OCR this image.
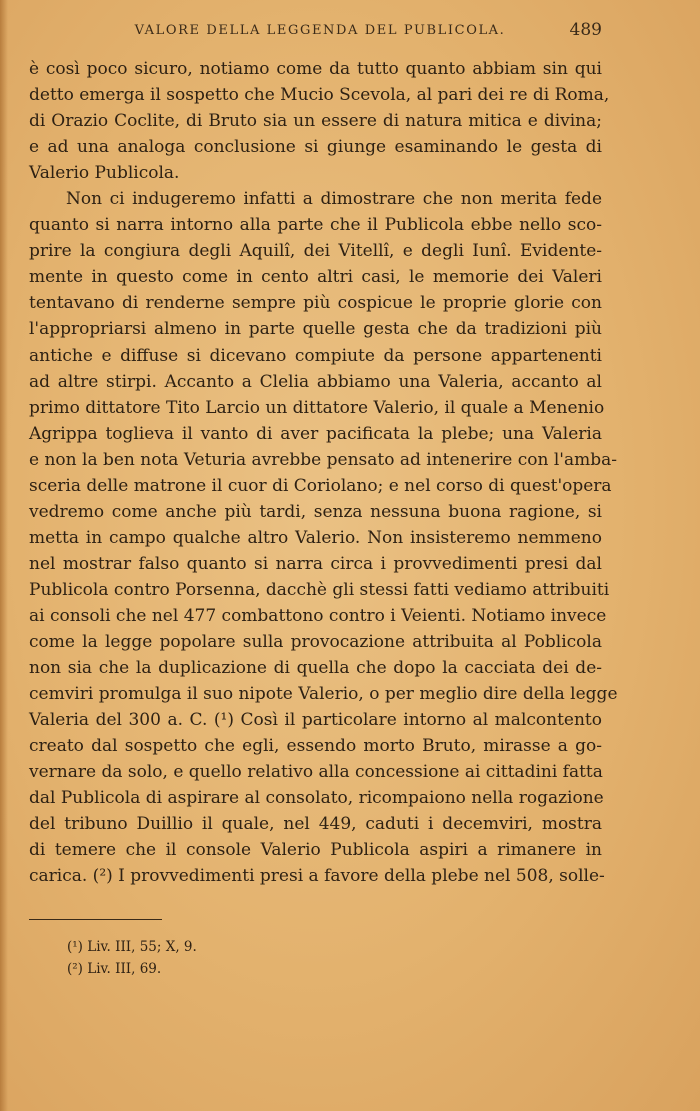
VALORE DELLA LEGGENDA DEL PUBLICOLA.	489
è così poco sicuro, notiamo come da tutto quanto abbiam sin qui
detto emerga il sospetto che Mucio Scevola, al pari dei re di Roma,
di Orazio Coclite, di Bruto sia un essere di natura mitica e divina;
e ad una analoga conclusione si giunge esaminando le gesta di
Valerio Publicola.
Non ci indugeremo infatti a dimostrare che non merita fede
quanto si narra intorno alla parte che il Publicola ebbe nello sco-
prire la congiura degli Aquilî, dei Vitellî, e degli Iunî. Evidente-
mente in questo come in cento altri casi, le memorie dei Valeri
tentavano di renderne sempre più cospicue le proprie glorie con
l'appropriarsi almeno in parte quelle gesta che da tradizioni più
antiche e diffuse si dicevano compiute da persone appartenenti
ad altre stirpi. Accanto a Clelia abbiamo una Valeria, accanto al
primo dittatore Tito Larcio un dittatore Valerio, il quale a Menenio
Agrippa toglieva il vanto di aver pacificata la plebe; una Valeria
e non la ben nota Veturia avrebbe pensato ad intenerire con l'amba-
sceria delle matrone il cuor di Coriolano; e nel corso di quest'opera
vedremo come anche più tardi, senza nessuna buona ragione, si
metta in campo qualche altro Valerio. Non insisteremo nemmeno
nel mostrar falso quanto si narra circa i provvedimenti presi dal
Publicola contro Porsenna, dacchè gli stessi fatti vediamo attribuiti
ai consoli che nel 477 combattono contro i Veienti. Notiamo invece
come la legge popolare sulla provocazione attribuita al Poblicola
non sia che la duplicazione di quella che dopo la cacciata dei de-
cemviri promulga il suo nipote Valerio, o per meglio dire della legge
Valeria del 300 a. C. (¹) Così il particolare intorno al malcontento
creato dal sospetto che egli, essendo morto Bruto, mirasse a go-
vernare da solo, e quello relativo alla concessione ai cittadini fatta
dal Publicola di aspirare al consolato, ricompaiono nella rogazione
del tribuno Duillio il quale, nel 449, caduti i decemviri, mostra
di temere che il console Valerio Publicola aspiri a rimanere in
carica. (²) I provvedimenti presi a favore della plebe nel 508, solle-
(¹) Liv. III, 55; X, 9.
(²) Liv. III, 69.
